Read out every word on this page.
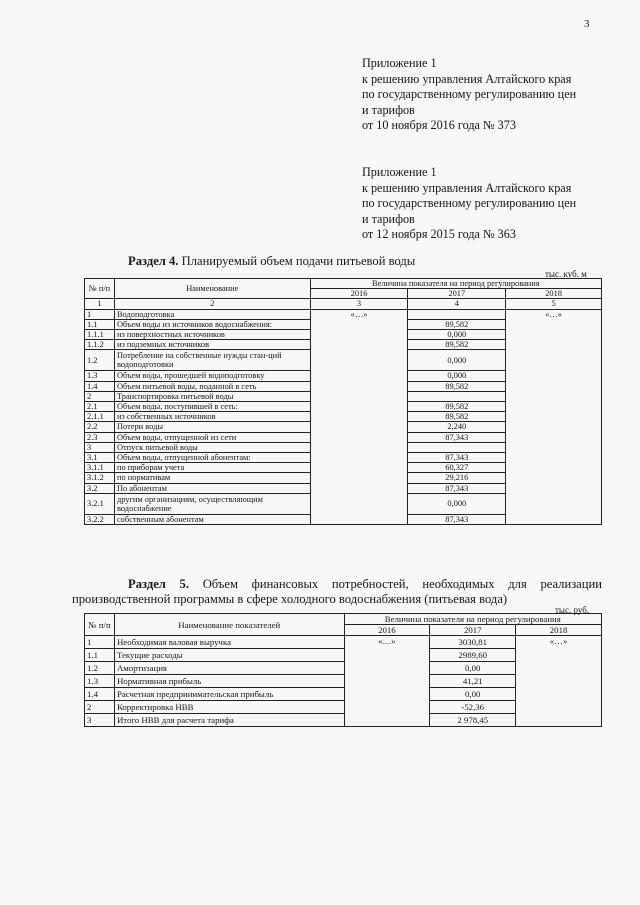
3
Приложение 1
к решению управления Алтайского края
по государственному регулированию цен
и тарифов
от 10 ноября 2016 года № 373
Приложение 1
к решению управления Алтайского края
по государственному регулированию цен
и тарифов
от 12 ноября 2015 года № 363
Раздел 4. Планируемый объем подачи питьевой воды
тыс. куб. м
№ п/п	Наименование	Величина показателя на период регулирования		
		2016	2017	2018
1	2	3	4	5
1	Водоподготовка	«…»		«…»
1.1	Объем воды из источников водоснабжения:		89,582	
1.1.1	из поверхностных источников		0,000	
1.1.2	из подземных источников		89,582	
1.2	Потребление на собственные нужды стан-ций водоподготовки		0,000	
1.3	Объем воды, прошедшей водоподготовку		0,000	
1.4	Объем питьевой воды, поданной в сеть		89,582	
2	Транспортировка питьевой воды			
2.1	Объем воды, поступившей в сеть:		89,582	
2.1.1	из собственных источников		89,582	
2.2	Потери воды		2,240	
2.3	Объем воды, отпущенной из сети		87,343	
3	Отпуск питьевой воды			
3.1	Объем воды, отпущенной абонентам:		87,343	
3.1.1	по приборам учета		60,327	
3.1.2	по нормативам		29,216	
3.2	По абонентам		87,343	
3.2.1	другим организациям, осуществляющим водоснабжение		0,000	
3.2.2	собственным абонентам		87,343	
Раздел 5. Объем финансовых потребностей, необходимых для реализации производственной программы в сфере холодного водоснабжения (питьевая вода)
тыс. руб.
№ п/п	Наименование показателей	Величина показателя на период регулирования		
		2016	2017	2018
1	Необходимая валовая выручка	«…»	3030,81	«…»
1.1	Текущие расходы		2989,60	
1.2	Амортизация		0,00	
1.3	Нормативная прибыль		41,21	
1.4	Расчетная предпринимательская прибыль		0,00	
2	Корректировка НВВ		-52,36	
3	Итого НВВ для расчета тарифа		2 978,45	
